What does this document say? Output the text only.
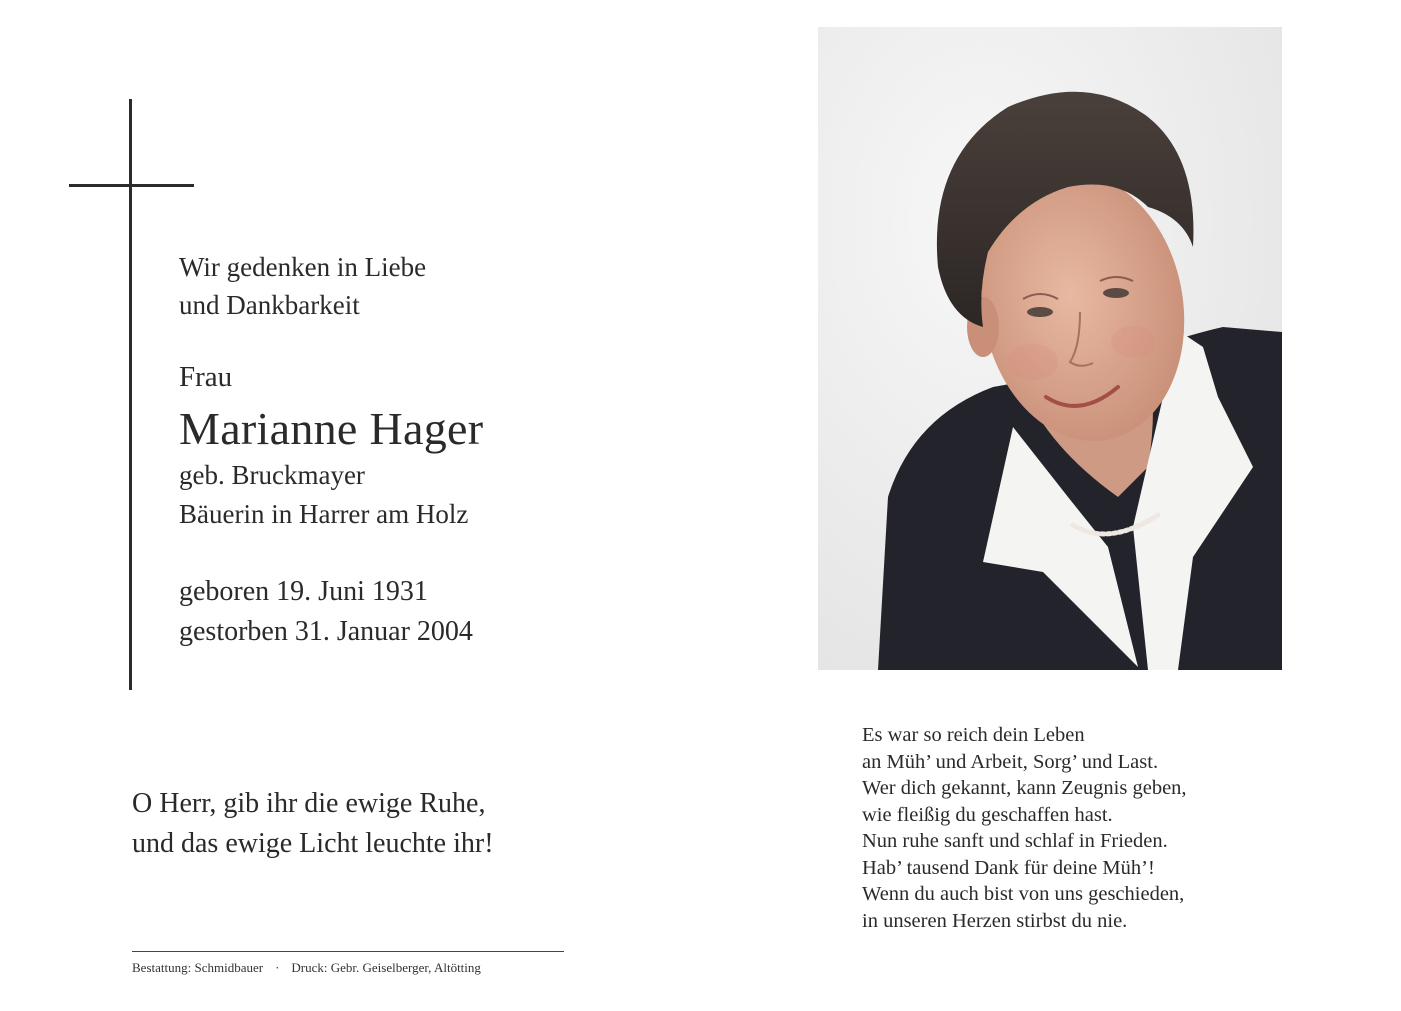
Wir gedenken in Liebe
und Dankbarkeit
Frau
Marianne Hager
geb. Bruckmayer
Bäuerin in Harrer am Holz
geboren 19. Juni 1931
gestorben 31. Januar 2004
O Herr, gib ihr die ewige Ruhe,
und das ewige Licht leuchte ihr!
Bestattung: Schmidbauer · Druck: Gebr. Geiselberger, Altötting
Es war so reich dein Leben
an Müh’ und Arbeit, Sorg’ und Last.
Wer dich gekannt, kann Zeugnis geben,
wie fleißig du geschaffen hast.
Nun ruhe sanft und schlaf in Frieden.
Hab’ tausend Dank für deine Müh’!
Wenn du auch bist von uns geschieden,
in unseren Herzen stirbst du nie.
